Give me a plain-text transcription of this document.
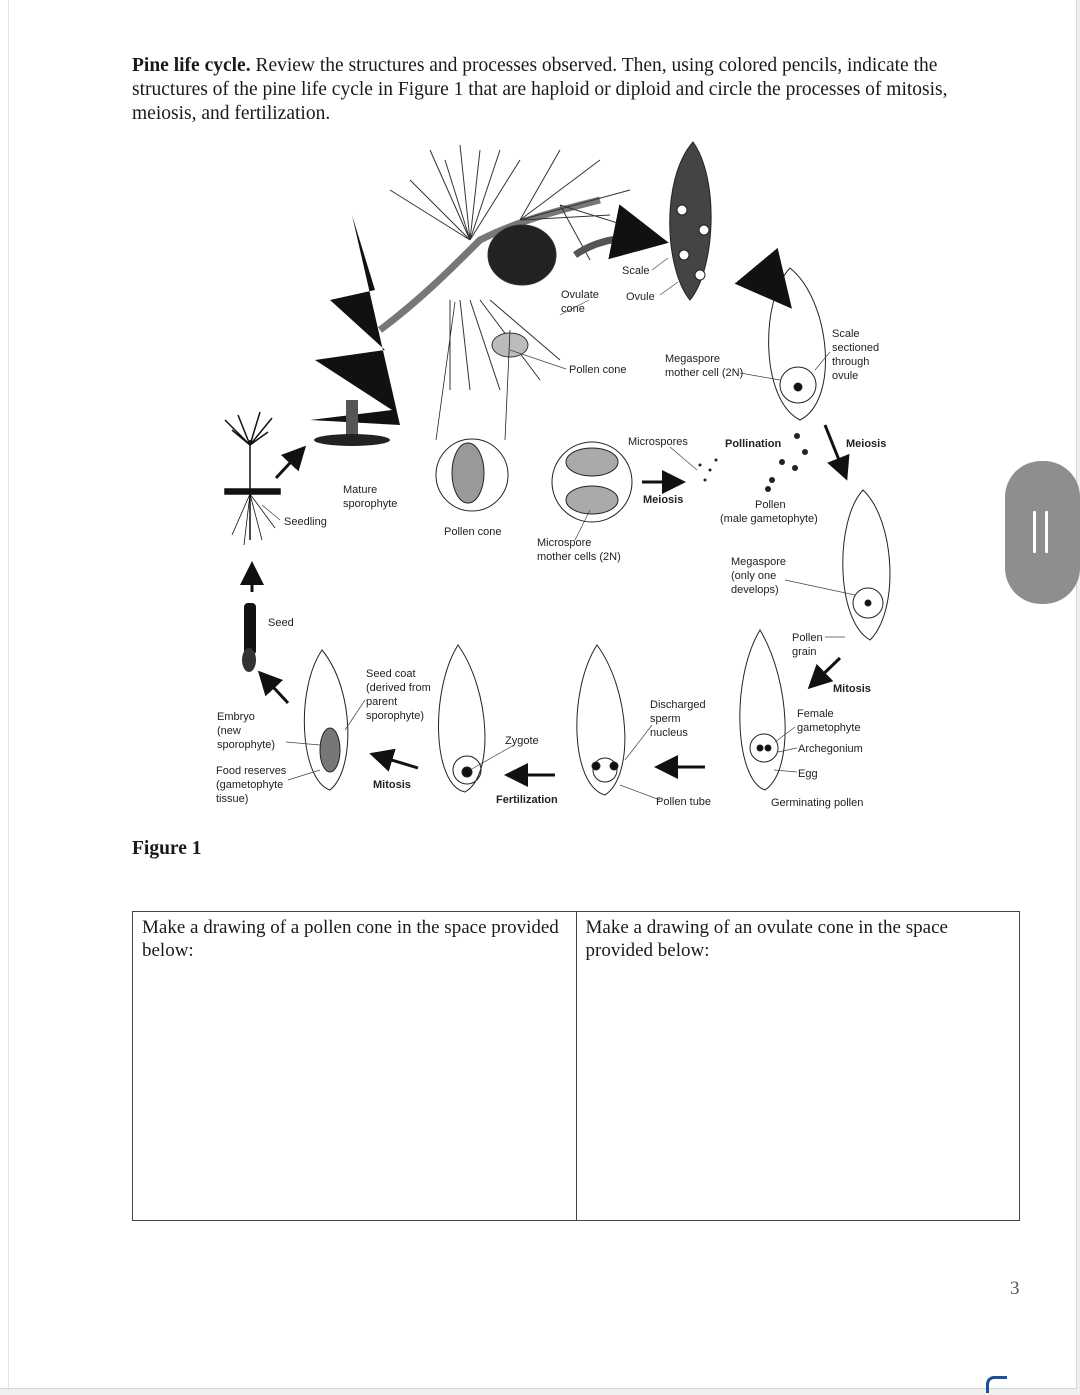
Pine life cycle. Review the structures and processes observed. Then, using colored pencils, indicate the structures of the pine life cycle in Figure 1 that are haploid or diploid and circle the processes of mitosis, meiosis, and fertilization.

Scale
Ovulate cone
Ovule
Scale sectioned through ovule
Megaspore mother cell (2N)
Pollen cone
Microspores	Pollination	Meiosis
Mature sporophyte
Seedling
Pollen cone
Meiosis	Pollen (male gametophyte)
Microspore mother cells (2N)	Megaspore (only one develops)
Seed
Pollen grain
Mitosis
Seed coat (derived from parent sporophyte)
Embryo (new sporophyte)
Discharged sperm nucleus
Female gametophyte
Zygote
Archegonium
Food reserves (gametophyte tissue)
Mitosis
Egg
Fertilization	Pollen tube	Germinating pollen
Figure 1
Make a drawing of a pollen cone in the space provided below:
Make a drawing of an ovulate cone in the space provided below:
3
